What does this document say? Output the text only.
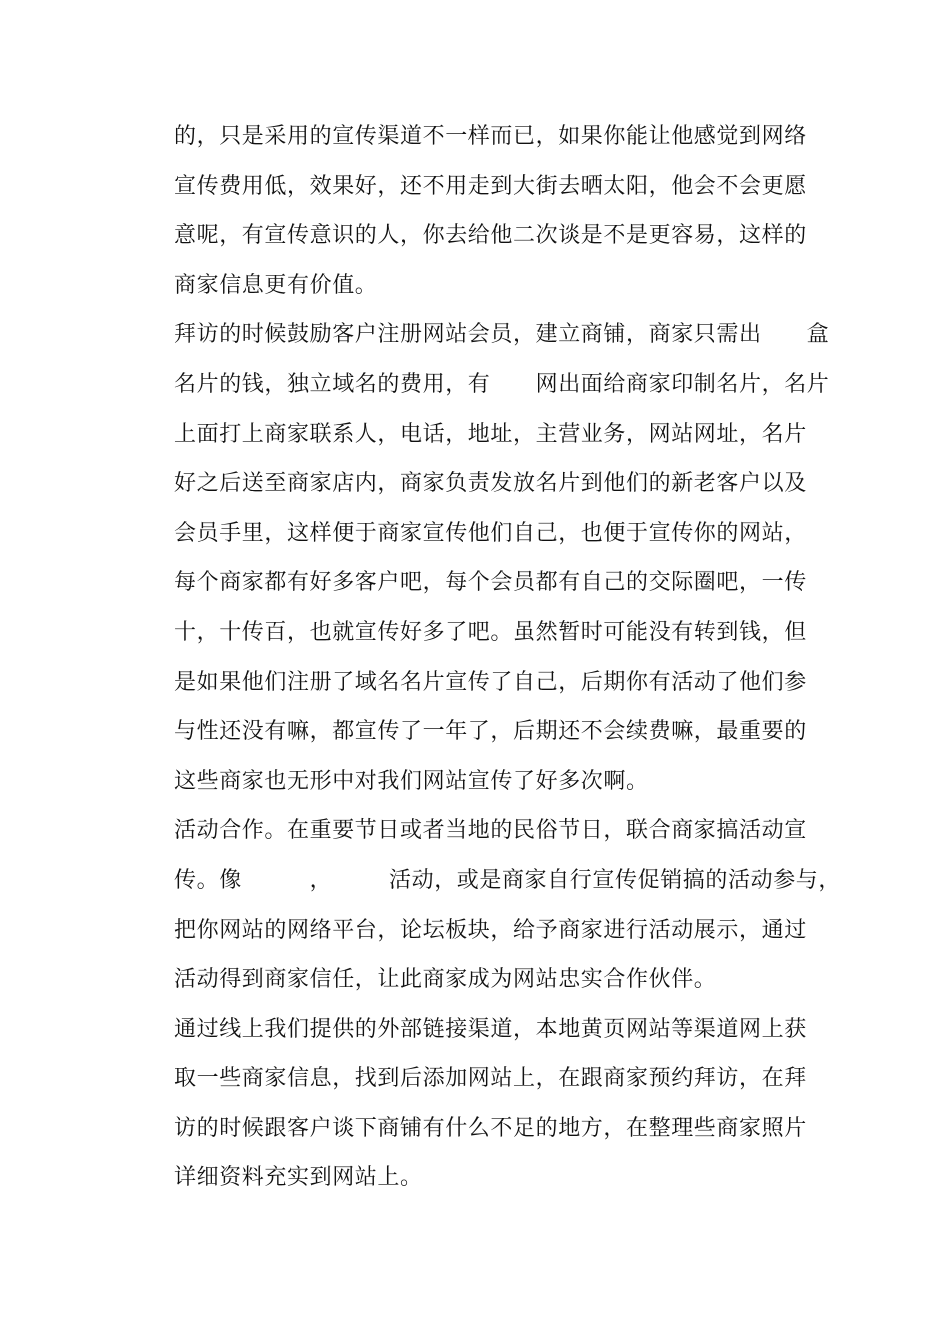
的，只是采用的宣传渠道不一样而已，如果你能让他感觉到网络
宣传费用低，效果好，还不用走到大街去晒太阳，他会不会更愿
意呢，有宣传意识的人，你去给他二次谈是不是更容易，这样的
商家信息更有价值。
拜访的时候鼓励客户注册网站会员，建立商铺，商家只需出　　盒
名片的钱，独立域名的费用，有　　网出面给商家印制名片，名片
上面打上商家联系人，电话，地址，主营业务，网站网址，名片
好之后送至商家店内，商家负责发放名片到他们的新老客户以及
会员手里，这样便于商家宣传他们自己，也便于宣传你的网站，
每个商家都有好多客户吧，每个会员都有自己的交际圈吧，一传
十，十传百，也就宣传好多了吧。虽然暂时可能没有转到钱，但
是如果他们注册了域名名片宣传了自己，后期你有活动了他们参
与性还没有嘛，都宣传了一年了，后期还不会续费嘛，最重要的
这些商家也无形中对我们网站宣传了好多次啊。
活动合作。在重要节日或者当地的民俗节日，联合商家搞活动宣
传。像　　　，　　　活动，或是商家自行宣传促销搞的活动参与，
把你网站的网络平台，论坛板块，给予商家进行活动展示，通过
活动得到商家信任，让此商家成为网站忠实合作伙伴。
通过线上我们提供的外部链接渠道，本地黄页网站等渠道网上获
取一些商家信息，找到后添加网站上，在跟商家预约拜访，在拜
访的时候跟客户谈下商铺有什么不足的地方，在整理些商家照片
详细资料充实到网站上。
